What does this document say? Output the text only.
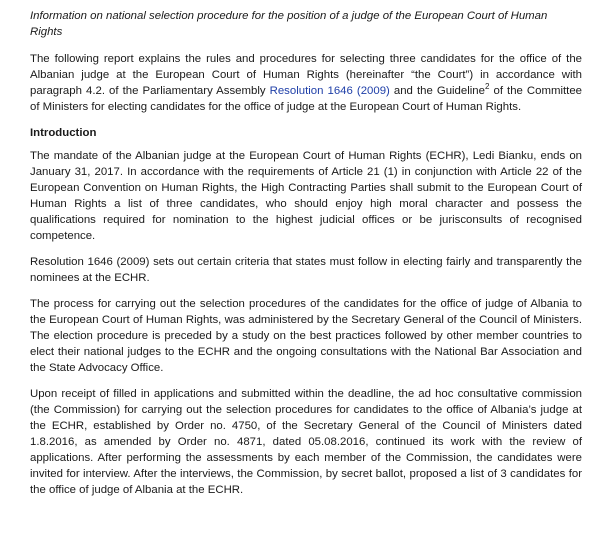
Information on national selection procedure for the position of a judge of the European Court of Human Rights

The following report explains the rules and procedures for selecting three candidates for the office of the Albanian judge at the European Court of Human Rights (hereinafter “the Court”) in accordance with paragraph 4.2. of the Parliamentary Assembly Resolution 1646 (2009) and the Guideline$^2$ of the Committee of Ministers for electing candidates for the office of judge at the European Court of Human Rights.

Introduction

The mandate of the Albanian judge at the European Court of Human Rights (ECHR), Ledi Bianku, ends on January 31, 2017. In accordance with the requirements of Article 21 (1) in conjunction with Article 22 of the European Convention on Human Rights, the High Contracting Parties shall submit to the European Court of Human Rights a list of three candidates, who should enjoy high moral character and possess the qualifications required for nomination to the highest judicial offices or be jurisconsults of recognised competence.

Resolution 1646 (2009) sets out certain criteria that states must follow in electing fairly and transparently the nominees at the ECHR.

The process for carrying out the selection procedures of the candidates for the office of judge of Albania to the European Court of Human Rights, was administered by the Secretary General of the Council of Ministers. The election procedure is preceded by a study on the best practices followed by other member countries to elect their national judges to the ECHR and the ongoing consultations with the National Bar Association and the State Advocacy Office.

Upon receipt of filled in applications and submitted within the deadline, the ad hoc consultative commission (the Commission) for carrying out the selection procedures for candidates to the office of Albania’s judge at the ECHR, established by Order no. 4750, of the Secretary General of the Council of Ministers dated 1.8.2016, as amended by Order no. 4871, dated 05.08.2016, continued its work with the review of applications. After performing the assessments by each member of the Commission, the candidates were invited for interview. After the interviews, the Commission, by secret ballot, proposed a list of 3 candidates for the office of judge of Albania at the ECHR.
